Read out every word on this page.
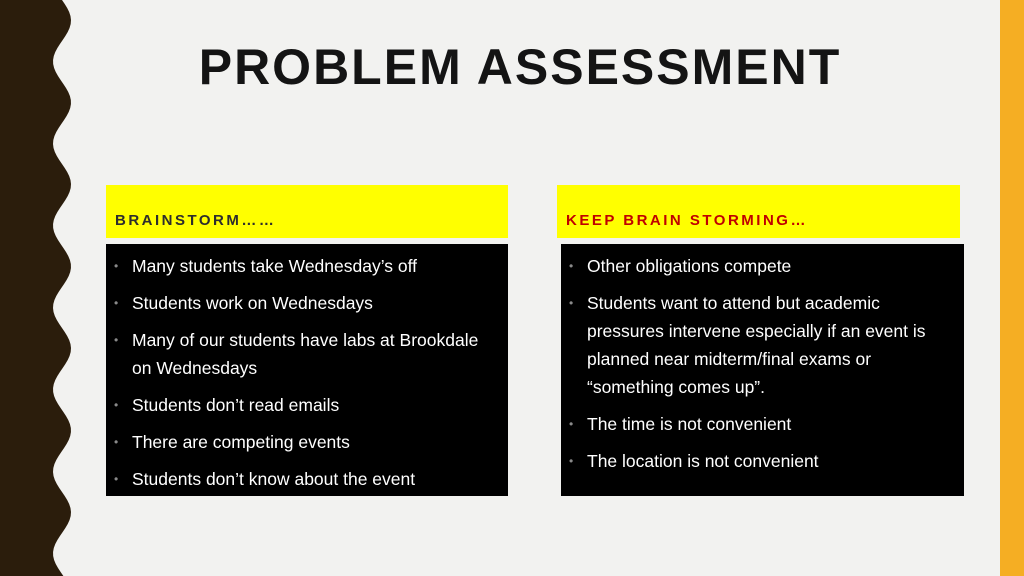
PROBLEM ASSESSMENT
BRAINSTORM……	KEEP BRAIN STORMING…
• Many students take Wednesday’s off
• Students work on Wednesdays
• Many of our students have labs at Brookdale on Wednesdays
• Students don’t read emails
• There are competing events
• Students don’t know about the event
• Other obligations compete
• Students want to attend but academic pressures intervene especially if an event is planned near midterm/final exams or “something comes up”.
• The time is not convenient
• The location is not convenient
